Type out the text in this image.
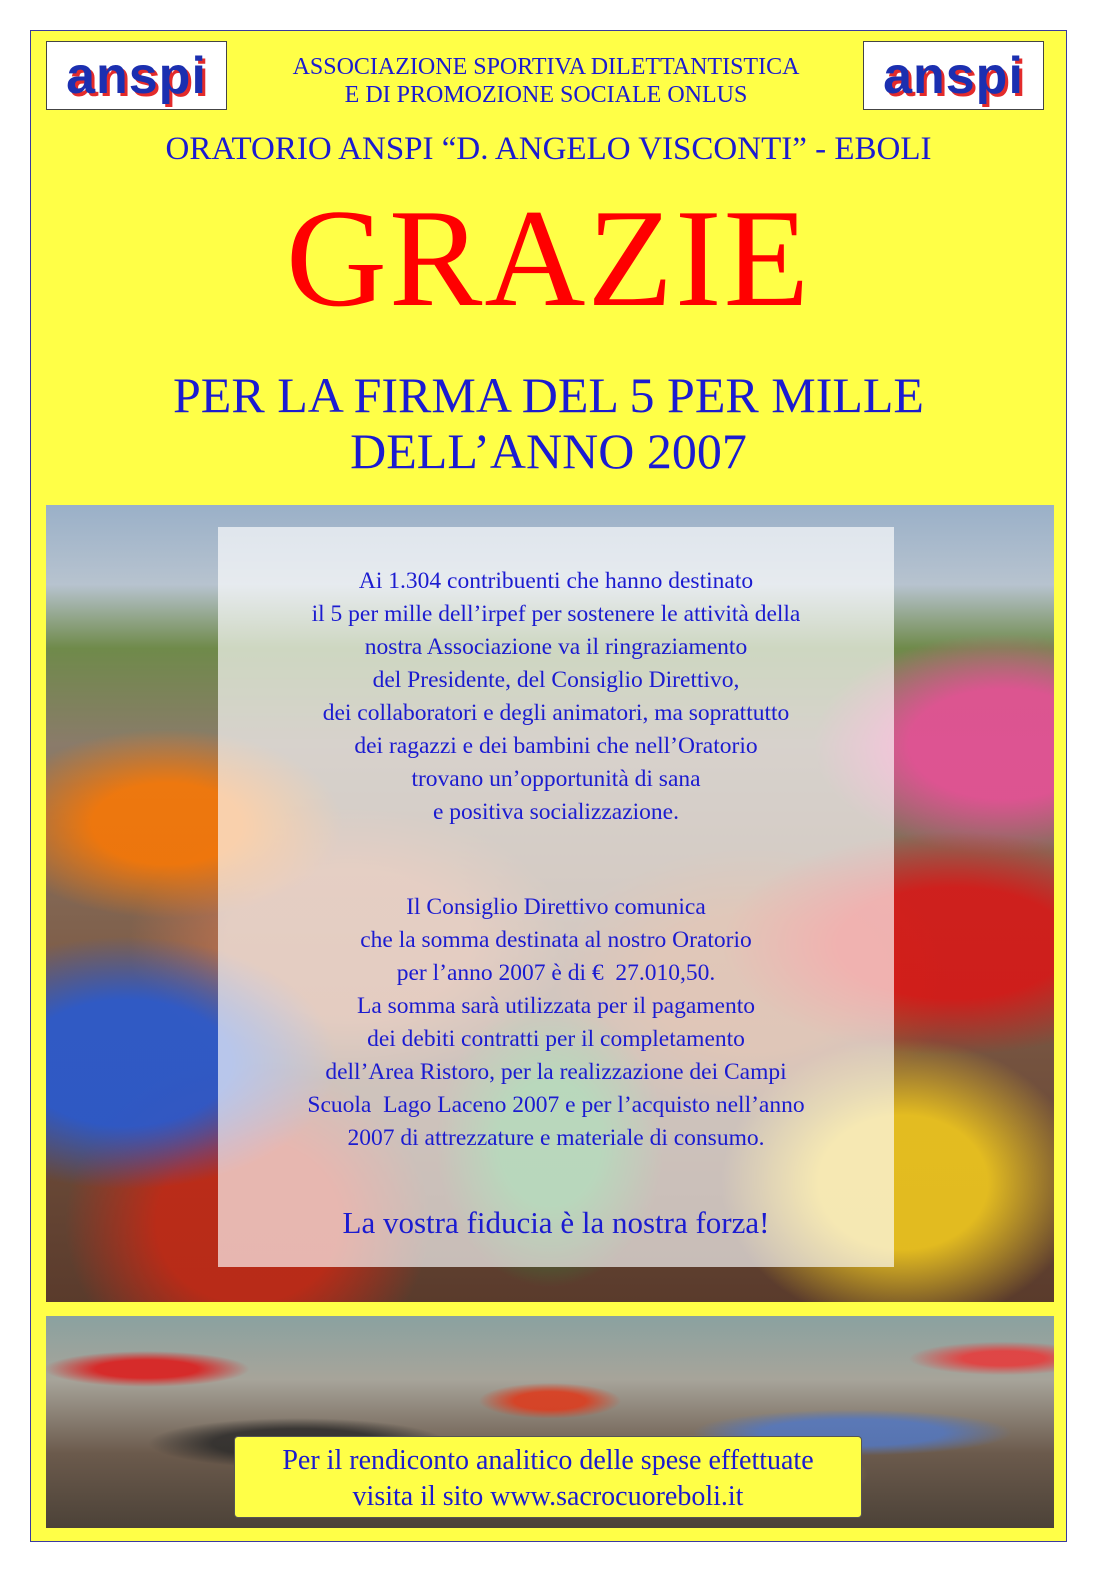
anspi	anspi
ASSOCIAZIONE SPORTIVA DILETTANTISTICA
E DI PROMOZIONE SOCIALE ONLUS
ORATORIO ANSPI “D. ANGELO VISCONTI” - EBOLI
GRAZIE
PER LA FIRMA DEL 5 PER MILLE
DELL’ANNO 2007
Ai 1.304 contribuenti che hanno destinato
il 5 per mille dell’irpef per sostenere le attività della
nostra Associazione va il ringraziamento
del Presidente, del Consiglio Direttivo,
dei collaboratori e degli animatori, ma soprattutto
dei ragazzi e dei bambini che nell’Oratorio
trovano un’opportunità di sana
e positiva socializzazione.
Il Consiglio Direttivo comunica
che la somma destinata al nostro Oratorio
per l’anno 2007 è di €  27.010,50.
La somma sarà utilizzata per il pagamento
dei debiti contratti per il completamento
dell’Area Ristoro, per la realizzazione dei Campi
Scuola  Lago Laceno 2007 e per l’acquisto nell’anno
2007 di attrezzature e materiale di consumo.
La vostra fiducia è la nostra forza!
Per il rendiconto analitico delle spese effettuate
visita il sito www.sacrocuoreboli.it
